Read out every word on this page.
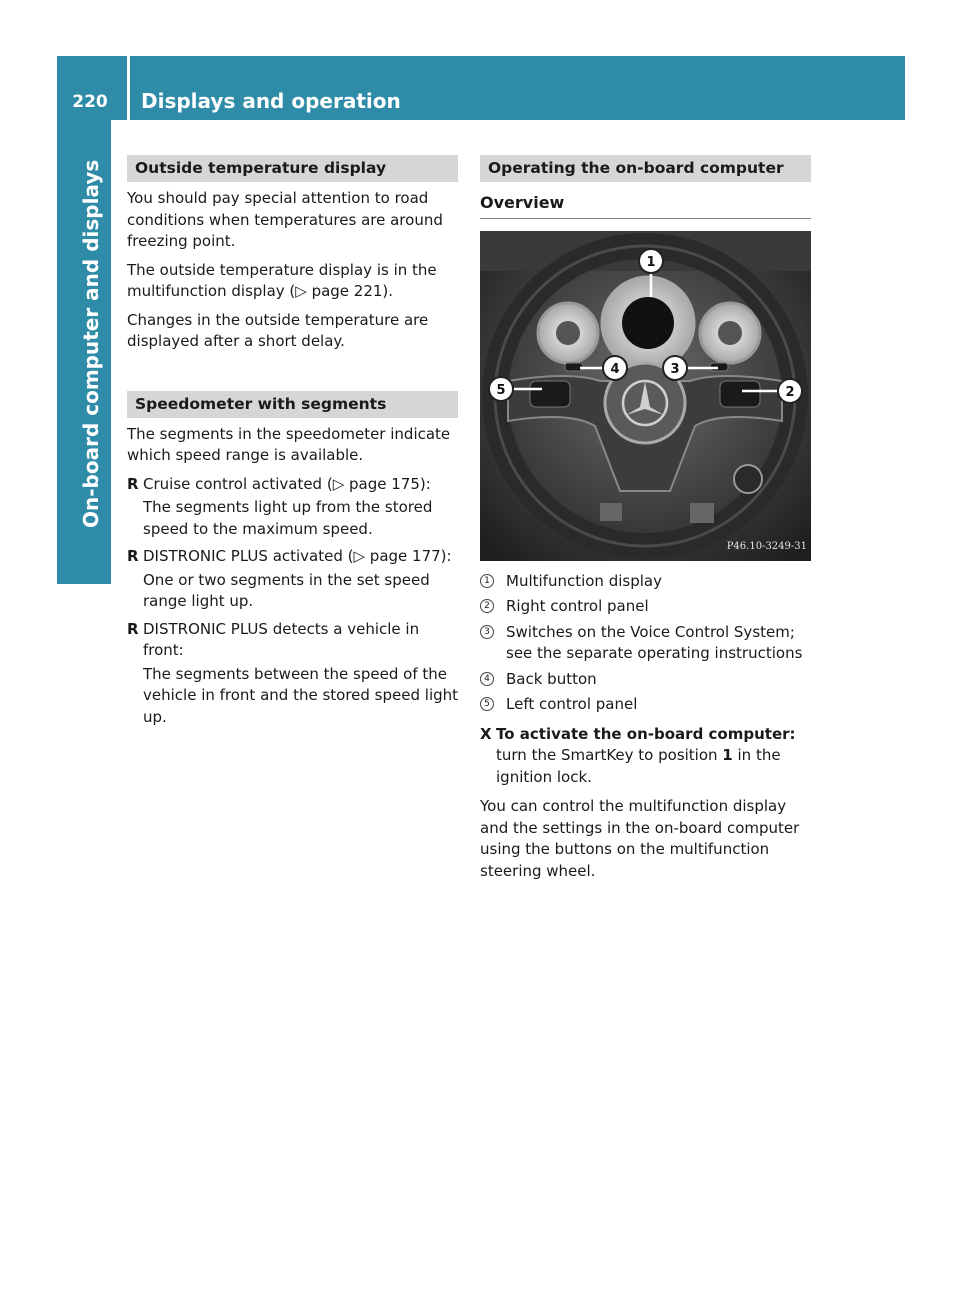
220	Displays and operation
On-board computer and displays	Outside temperature display

You should pay special attention to road conditions when temperatures are around freezing point.

The outside temperature display is in the multifunction display (▷ page 221).

Changes in the outside temperature are displayed after a short delay.

Speedometer with segments

The segments in the speedometer indicate which speed range is available.

R Cruise control activated (▷ page 175):
The segments light up from the stored speed to the maximum speed.
R DISTRONIC PLUS activated (▷ page 177):
One or two segments in the set speed range light up.
R DISTRONIC PLUS detects a vehicle in front:
The segments between the speed of the vehicle in front and the stored speed light up.
Operating the on-board computer
Overview
1
2
3
4
5
P46.10-3249-31
1 Multifunction display
2 Right control panel
3 Switches on the Voice Control System; see the separate operating instructions
4 Back button
5 Left control panel
X To activate the on-board computer: turn the SmartKey to position 1 in the ignition lock.

You can control the multifunction display and the settings in the on-board computer using the buttons on the multifunction steering wheel.
